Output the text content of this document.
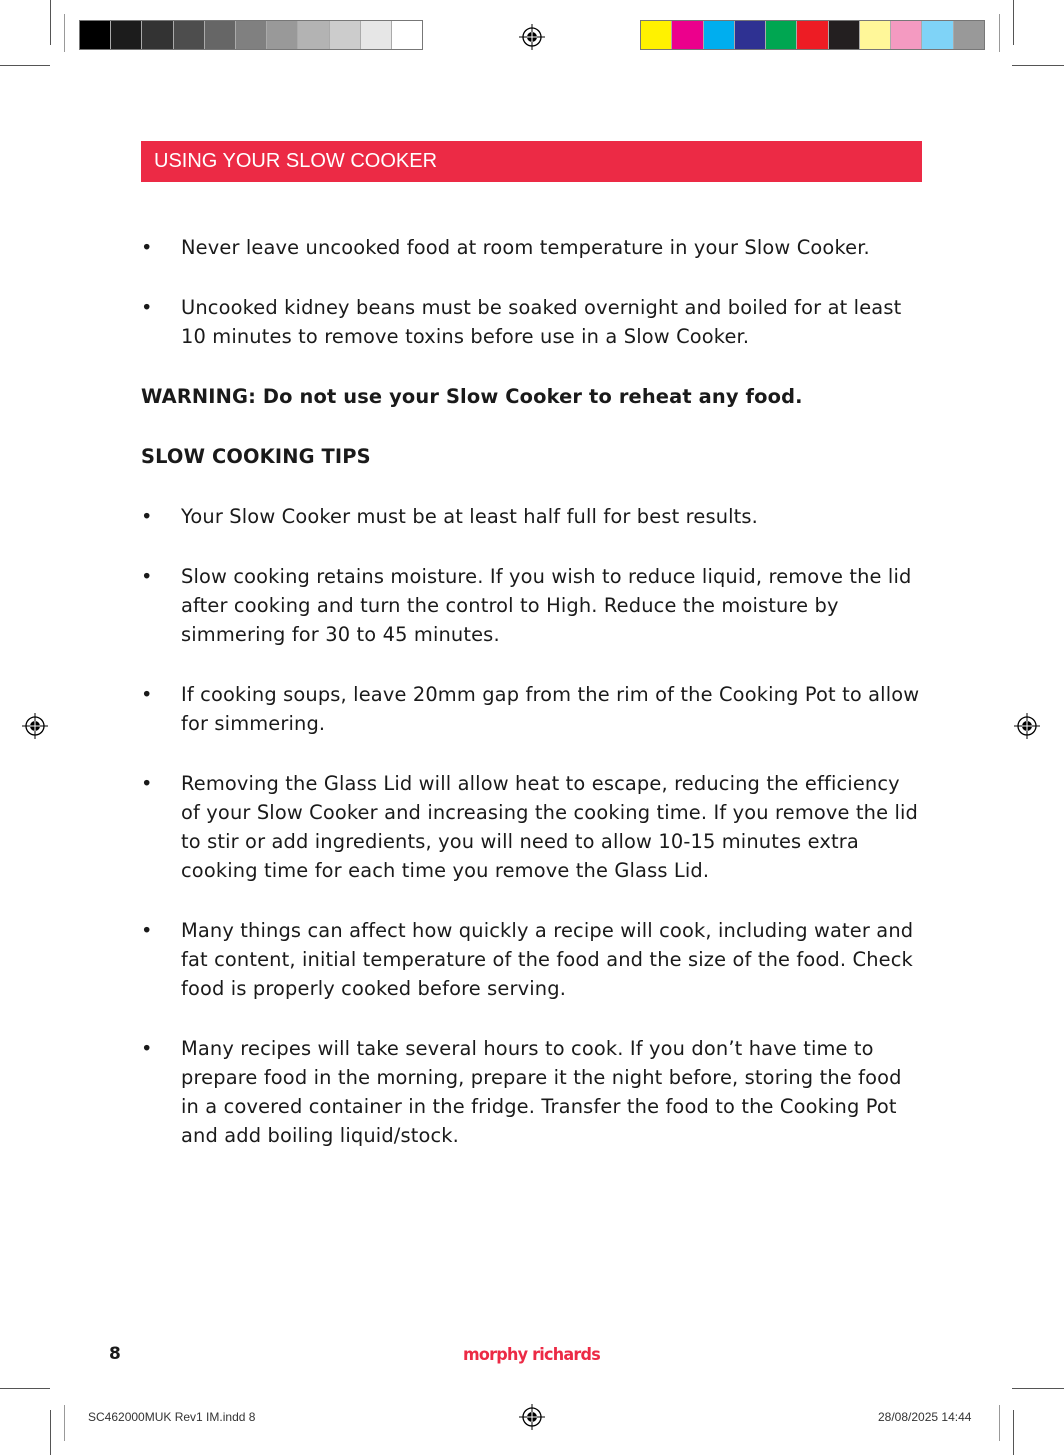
USING YOUR SLOW COOKER
• Never leave uncooked food at room temperature in your Slow Cooker.
• Uncooked kidney beans must be soaked overnight and boiled for at least 10 minutes to remove toxins before use in a Slow Cooker.
WARNING: Do not use your Slow Cooker to reheat any food.
SLOW COOKING TIPS
• Your Slow Cooker must be at least half full for best results.
• Slow cooking retains moisture. If you wish to reduce liquid, remove the lid after cooking and turn the control to High. Reduce the moisture by simmering for 30 to 45 minutes.
• If cooking soups, leave 20mm gap from the rim of the Cooking Pot to allow for simmering.
• Removing the Glass Lid will allow heat to escape, reducing the efficiency of your Slow Cooker and increasing the cooking time. If you remove the lid to stir or add ingredients, you will need to allow 10-15 minutes extra cooking time for each time you remove the Glass Lid.
• Many things can affect how quickly a recipe will cook, including water and fat content, initial temperature of the food and the size of the food. Check food is properly cooked before serving.
• Many recipes will take several hours to cook. If you don’t have time to prepare food in the morning, prepare it the night before, storing the food in a covered container in the fridge. Transfer the food to the Cooking Pot and add boiling liquid/stock.
8	morphy richards
SC462000MUK Rev1 IM.indd 8	28/08/2025 14:44
